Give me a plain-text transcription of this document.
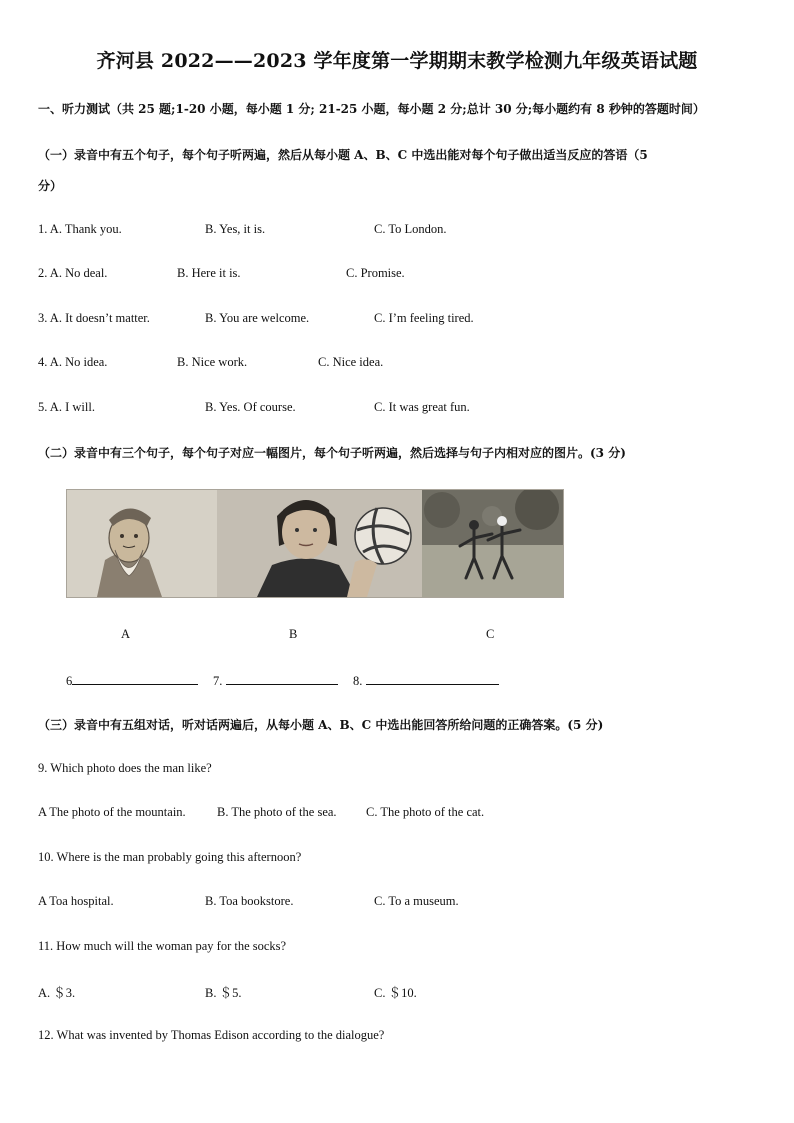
齐河县 2022——2023 学年度第一学期期末教学检测九年级英语试题
一、听力测试（共 25 题;1-20 小题，每小题 1 分; 21-25 小题，每小题 2 分;总计 30 分;每小题约有 8 秒钟的答题时间）
（一）录音中有五个句子，每个句子听两遍，然后从每小题 A、B、C 中选出能对每个句子做出适当反应的答语（5
分）
1. A. Thank you.	B. Yes, it is.	C. To London.
2. A. No deal.	B. Here it is.	C. Promise.
3. A. It doesn’t matter.	B. You are welcome.	C. I’m feeling tired.
4. A. No idea.	B. Nice work.	C. Nice idea.
5. A. I will.	B. Yes. Of course.	C. It was great fun.
（二）录音中有三个句子，每个句子对应一幅图片，每个句子听两遍，然后选择与句子内相对应的图片。(3 分)
A	B	C
6	7.	8.
（三）录音中有五组对话，听对话两遍后，从每小题 A、B、C 中选出能回答所给问题的正确答案。(5 分)
9. Which photo does the man like?
A The photo of the mountain.	B. The photo of the sea. C. The photo of the cat.
10. Where is the man probably going this afternoon?
A Toa hospital.	B. Toa bookstore.	C. To a museum.
11. How much will the woman pay for the socks?
A. ＄3.	B. ＄5.	C. ＄10.
12. What was invented by Thomas Edison according to the dialogue?
